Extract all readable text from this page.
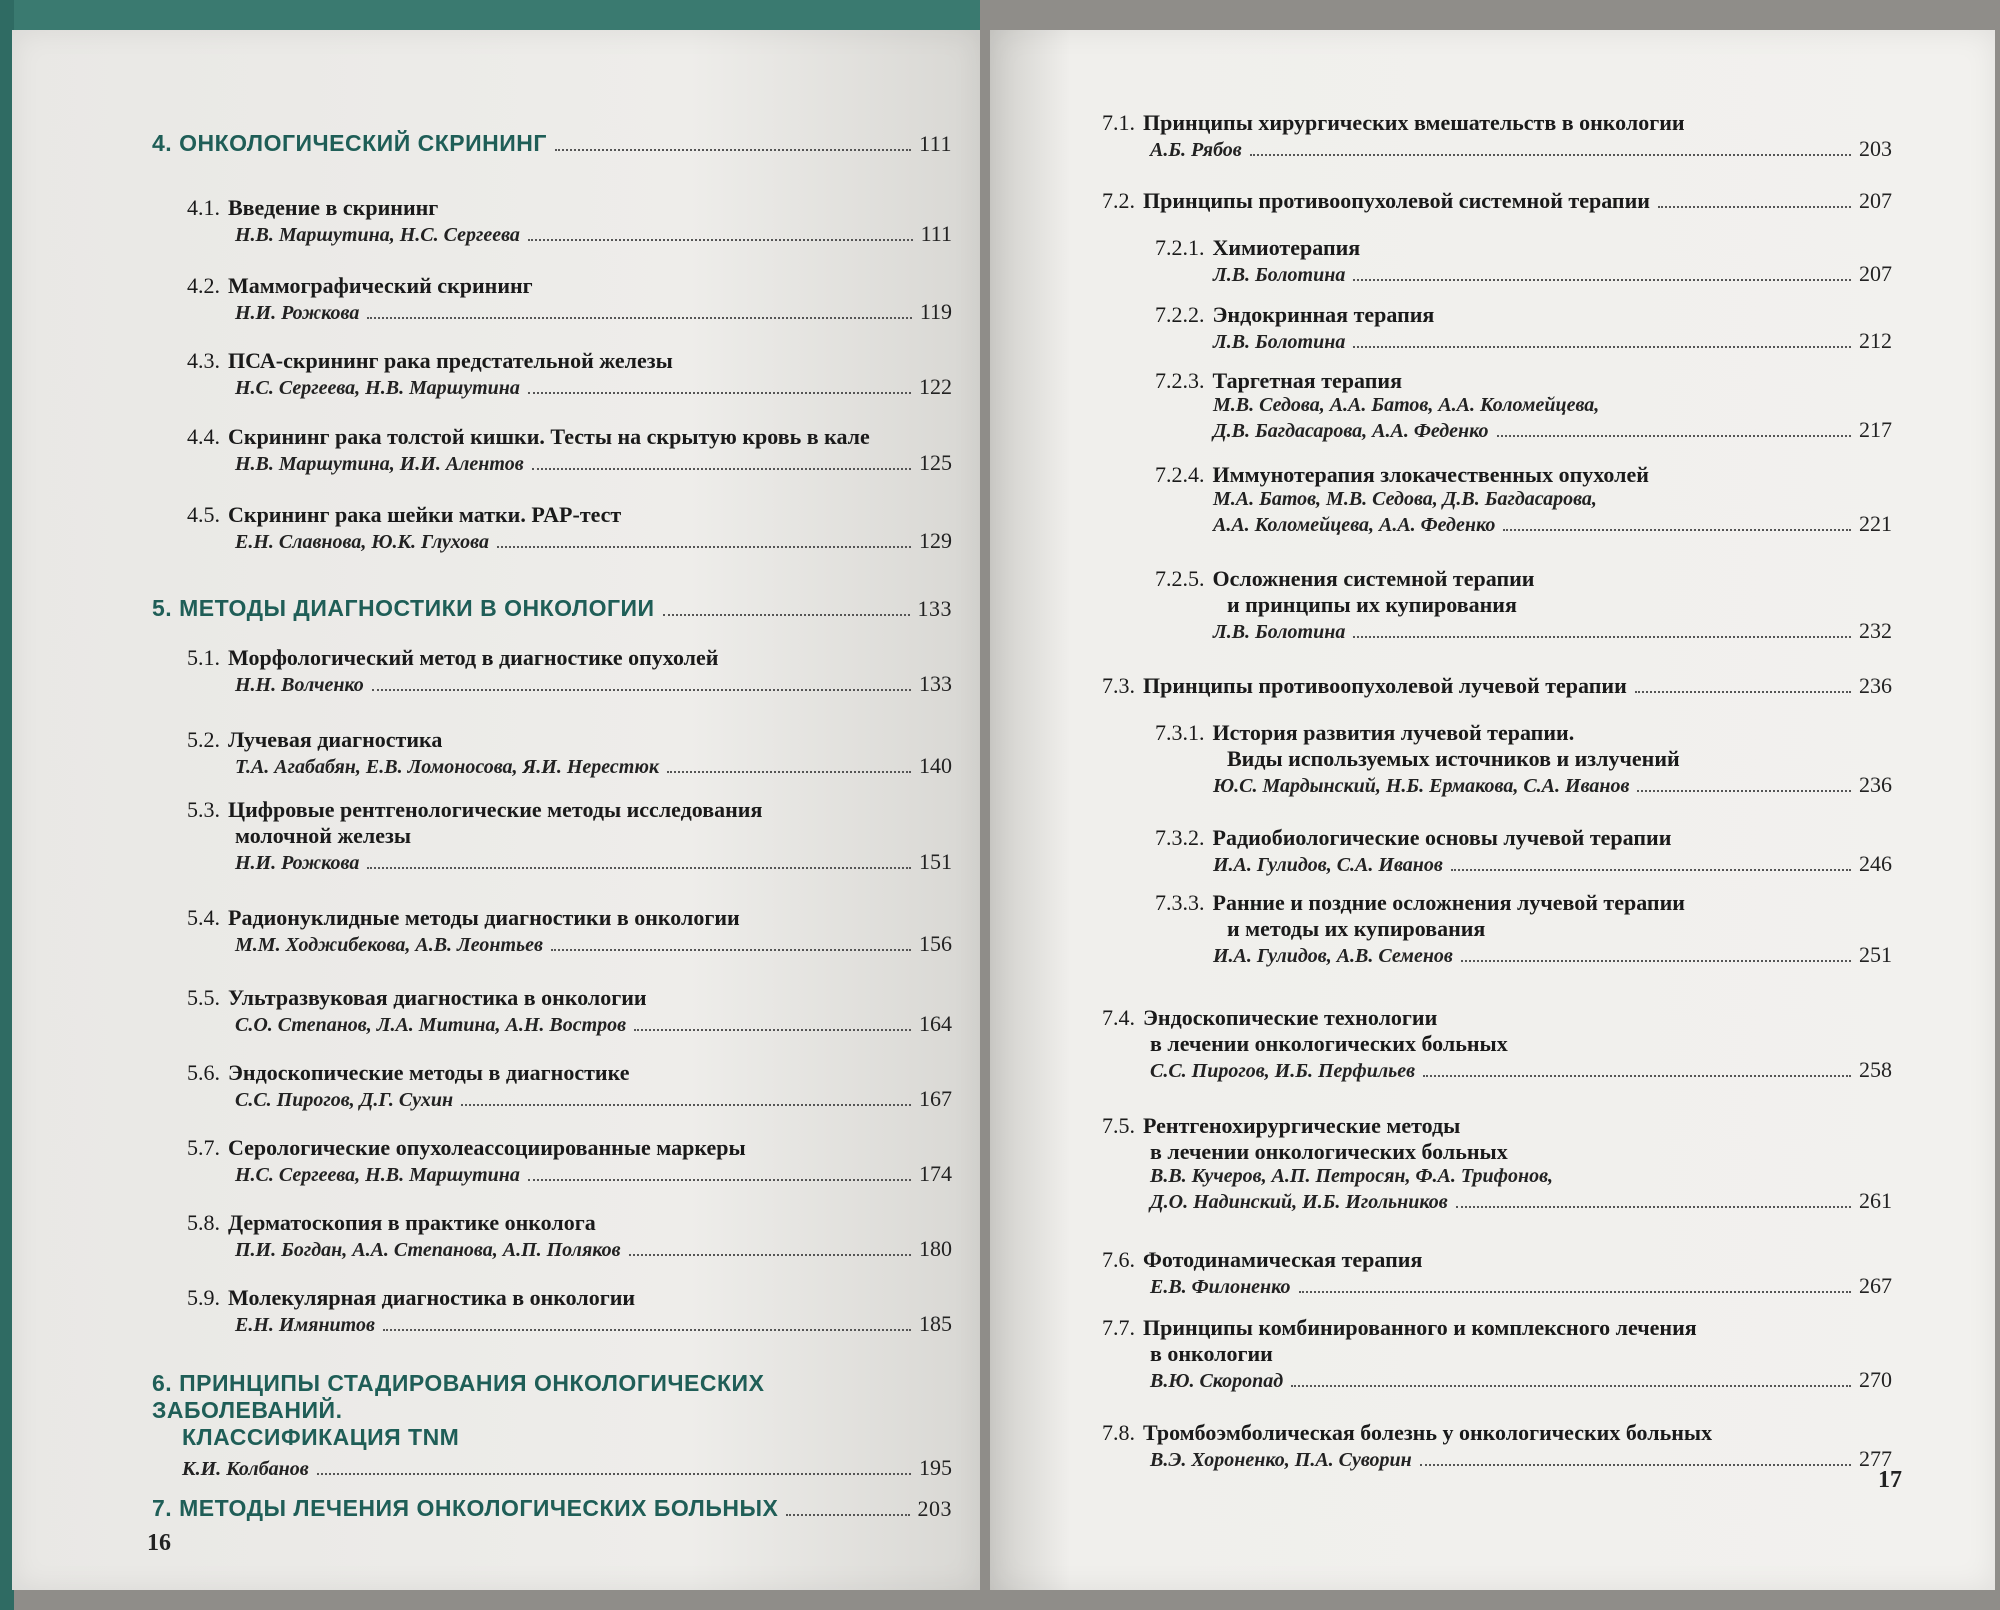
4. ОНКОЛОГИЧЕСКИЙ СКРИНИНГ	111
4.1. Введение в скрининг
Н.В. Маршутина, Н.С. Сергеева	111
4.2. Маммографический скрининг
Н.И. Рожкова	119
4.3. ПСА-скрининг рака предстательной железы
Н.С. Сергеева, Н.В. Маршутина	122
4.4. Скрининг рака толстой кишки. Тесты на скрытую кровь в кале
Н.В. Маршутина, И.И. Алентов	125
4.5. Скрининг рака шейки матки. PAP-тест
Е.Н. Славнова, Ю.К. Глухова	129
5. МЕТОДЫ ДИАГНОСТИКИ В ОНКОЛОГИИ	133
5.1. Морфологический метод в диагностике опухолей
Н.Н. Волченко	133
5.2. Лучевая диагностика
Т.А. Агабабян, Е.В. Ломоносова, Я.И. Нерестюк	140
5.3. Цифровые рентгенологические методы исследования
молочной железы
Н.И. Рожкова	151
5.4. Радионуклидные методы диагностики в онкологии
М.М. Ходжибекова, А.В. Леонтьев	156
5.5. Ультразвуковая диагностика в онкологии
С.О. Степанов, Л.А. Митина, А.Н. Востров	164
5.6. Эндоскопические методы в диагностике
С.С. Пирогов, Д.Г. Сухин	167
5.7. Серологические опухолеассоциированные маркеры
Н.С. Сергеева, Н.В. Маршутина	174
5.8. Дерматоскопия в практике онколога
П.И. Богдан, А.А. Степанова, А.П. Поляков	180
5.9. Молекулярная диагностика в онкологии
Е.Н. Имянитов	185
6. ПРИНЦИПЫ СТАДИРОВАНИЯ ОНКОЛОГИЧЕСКИХ ЗАБОЛЕВАНИЙ.
КЛАССИФИКАЦИЯ TNM
К.И. Колбанов	195
7. МЕТОДЫ ЛЕЧЕНИЯ ОНКОЛОГИЧЕСКИХ БОЛЬНЫХ	203
16
7.1. Принципы хирургических вмешательств в онкологии
А.Б. Рябов	203
7.2. Принципы противоопухолевой системной терапии	207
7.2.1. Химиотерапия
Л.В. Болотина	207
7.2.2. Эндокринная терапия
Л.В. Болотина	212
7.2.3. Таргетная терапия
М.В. Седова, А.А. Батов, А.А. Коломейцева,
Д.В. Багдасарова, А.А. Феденко	217
7.2.4. Иммунотерапия злокачественных опухолей
М.А. Батов, М.В. Седова, Д.В. Багдасарова,
А.А. Коломейцева, А.А. Феденко	221
7.2.5. Осложнения системной терапии
и принципы их купирования
Л.В. Болотина	232
7.3. Принципы противоопухолевой лучевой терапии	236
7.3.1. История развития лучевой терапии.
Виды используемых источников и излучений
Ю.С. Мардынский, Н.Б. Ермакова, С.А. Иванов	236
7.3.2. Радиобиологические основы лучевой терапии
И.А. Гулидов, С.А. Иванов	246
7.3.3. Ранние и поздние осложнения лучевой терапии
и методы их купирования
И.А. Гулидов, А.В. Семенов	251
7.4. Эндоскопические технологии
в лечении онкологических больных
С.С. Пирогов, И.Б. Перфильев	258
7.5. Рентгенохирургические методы
в лечении онкологических больных
В.В. Кучеров, А.П. Петросян, Ф.А. Трифонов,
Д.О. Надинский, И.Б. Игольников	261
7.6. Фотодинамическая терапия
Е.В. Филоненко	267
7.7. Принципы комбинированного и комплексного лечения
в онкологии
В.Ю. Скоропад	270
7.8. Тромбоэмболическая болезнь у онкологических больных
В.Э. Хороненко, П.А. Суворин	277
17
